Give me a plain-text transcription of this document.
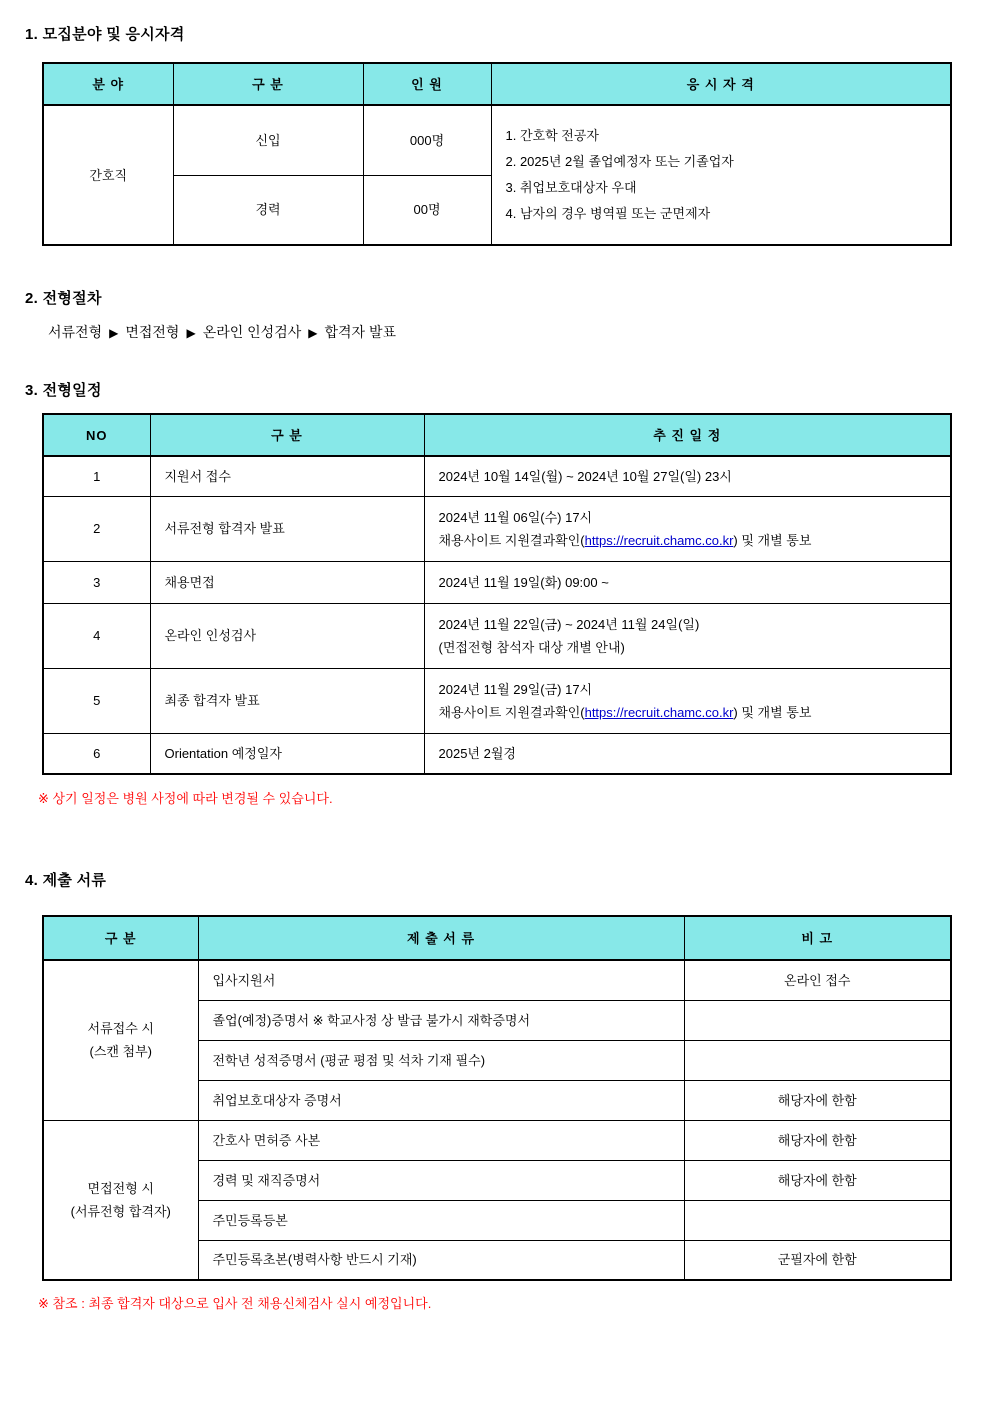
1. 모집분야 및 응시자격
분 야	구 분	인 원	응 시 자 격
간호직	신입	000명	1. 간호학 전공자
2. 2025년 2월 졸업예정자 또는 기졸업자
3. 취업보호대상자 우대
4. 남자의 경우 병역필 또는 군면제자

	경력	00명	
2. 전형절차
서류전형 ▶ 면접전형 ▶ 온라인 인성검사 ▶ 합격자 발표
3. 전형일정
NO	구 분	추 진 일 정
1	지원서 접수	2024년 10월 14일(월) ~ 2024년 10월 27일(일) 23시
2	서류전형 합격자 발표	2024년 11월 06일(수) 17시
채용사이트 지원결과확인(https://recruit.chamc.co.kr) 및 개별 통보

3	채용면접	2024년 11월 19일(화) 09:00 ~
4	온라인 인성검사	2024년 11월 22일(금) ~ 2024년 11월 24일(일)
(면접전형 참석자 대상 개별 안내)

5	최종 합격자 발표	2024년 11월 29일(금) 17시
채용사이트 지원결과확인(https://recruit.chamc.co.kr) 및 개별 통보

6	Orientation 예정일자	2025년 2월경
※ 상기 일정은 병원 사정에 따라 변경될 수 있습니다.
4. 제출 서류
구 분	제 출 서 류	비 고

서류접수 시
(스캔 첨부)	입사지원서	온라인 접수
	졸업(예정)증명서 ※ 학교사정 상 발급 불가시 재학증명서	
	전학년 성적증명서 (평균 평점 및 석차 기재 필수)	
	취업보호대상자 증명서	해당자에 한함

면접전형 시
(서류전형 합격자)	간호사 면허증 사본	해당자에 한함
	경력 및 재직증명서	해당자에 한함
	주민등록등본	
	주민등록초본(병력사항 반드시 기재)	군필자에 한함
※ 참조 : 최종 합격자 대상으로 입사 전 채용신체검사 실시 예정입니다.
